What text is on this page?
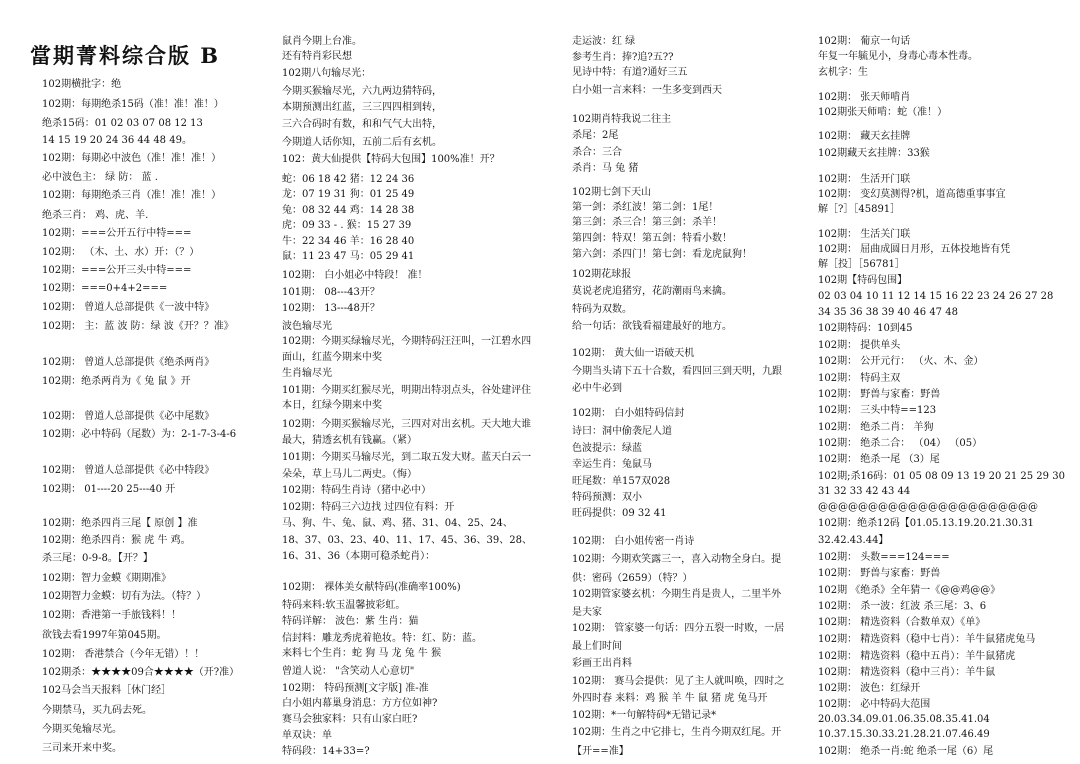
當期菁料综合版 B
102期横批字：绝
102期：每期绝杀15码（准！准！准！）
绝杀15码：01 02 03 07 08 12 13
14 15 19 20 24 36 44 48 49。
102期：每期必中波色（准！准！准！）
必中波色主： 绿 防： 蓝 .
102期：每期绝杀三肖（准！准！准！）
绝杀三肖： 鸡、虎、羊.
102期：===公开五行中特===
102期： （木、土、水）开：（？）
102期：===公开三头中特===
102期：===0+4+2===
102期： 曾道人总部提供《一波中特》
102期： 主：蓝 波 防：绿 波《开？？准》
102期： 曾道人总部提供《绝杀两肖》
102期：绝杀两肖为《 兔 鼠 》开
102期： 曾道人总部提供《必中尾数》
102期：必中特码（尾数）为：2-1-7-3-4-6
102期： 曾道人总部提供《必中特段》
102期： 01----20 25---40 开
102期：绝杀四肖三尾【 原创 】准
102期：绝杀四肖：猴 虎 牛 鸡。
杀三尾：0-9-8。【开？】
102期：智力金蟆《期期准》
102期智力金蟆：切有为法。（特？）
102期：香港第一手旅钱料！！
欲钱去看1997年第045期。
102期： 香港禁合（今年无错）！！
102期杀：★★★★09合★★★★（开?准）
102马会当天报料［休门经］
今期禁马，买九码去死。
今期买兔输尽光。
三司来开来中奖。
鼠肖今期上台准。
还有特肖彩民想
102期八句输尽光：
今期买猴输尽光，六九两边猜特码，
本期预测出红蓝，三三四四相到转，
三六合码时有数，和和气气大出特，
今期道人话你知，五前二后有玄机。
102：黄大仙提供【特码大包围】100%准！开？
蛇：06 18 42 猪：12 24 36
龙：07 19 31 狗：01 25 49
兔：08 32 44 鸡：14 28 38
虎：09 33 - . 猴：15 27 39
牛：22 34 46 羊：16 28 40
鼠：11 23 47 马：05 29 41
102期： 白小姐必中特段！ 准！
101期： 08---43开？
102期： 13---48开？
波色输尽光
102期：今期买绿输尽光，今期特码汪汪叫，一江碧水四
面山，红蓝今期来中奖
生肖输尽光
101期：今期买红猴尽光，明期出特羽点头，谷处建评住
本日，红绿今期来中奖
102期：今期买猴输尽光，三四对对出玄机。天大地大谁
最大，猜透玄机有钱赢。（紧）
101期：今期买马输尽光，到二取五发大财。蓝天白云一
朵朵，草上马儿二两史。（悔）
102期：特码生肖诗（猪中必中）
102期：特码三六边找 过四位有料：开
马、狗、牛、兔、鼠、鸡、猪、31、04、25、24、
18、37、03、23、40、11、17、45、36、39、28、
16、31、36（本期可稳杀蛇肖）：
102期： 裸体美女献特码(准确率100%)
特码来料:软玉温馨披彩虹。
特码详解： 波色：紫 生肖：猫
信封料：雕龙秀虎着艳妆。特：红、防：蓝。
来料七个生肖：蛇 狗 马 龙 兔 牛 猴
曾道人说： "含笑动人心意切"
102期： 特码预测[文字版] 准-准
白小姐内幕巢身消息：方方位如神?
赛马会独家料：只有山家白旺?
单双诀：单
特码段：14+33=?
走运波：红 绿
参考生肖：捧?追?五??
见诗中特：有道?通好三五
白小姐一言来料：一生多变到西天
102期肖特我说二往主
杀尾：2尾
杀合：三合
杀肖：马 兔 猪
102期七剑下天山
第一剑：杀红波！第二剑：1尾！
第三剑：杀三合！第三剑：杀羊！
第四剑：特双！第五剑：特看小数！
第六剑：杀四门！第七剑：看龙虎鼠狗！
102期花球报
莫说老虎追猪穷，花韵潮雨鸟来擒。
特码为双数。
给一句话：欲钱看福建最好的地方。
102期： 黄大仙一语破天机
今期当头请下五十合数，看四回三到天明，九跟
必中牛必到
102期： 白小姐特码信封
诗曰：洞中偷袭尼人道
色波提示：绿蓝
幸运生肖：兔鼠马
旺尾数：单157双028
特码预测：双小
旺码提供：09 32 41
102期： 白小姐传密一肖诗
102期：今期欢笑露三一，喜入动物全身白。提
供：密码（2659）（特？）
102期管家婆玄机：今期生肖是贵人，二里半外
是夫家
102期： 管家婆一句话：四分五裂一时败，一居
最上们时间
彩画王出肖料
102期： 赛马会提供：见了主人就叫唤，四时之
外四时春 来料：鸡 猴 羊 牛 鼠 猪 虎 兔马开
102期：*一句解特码*无错记录*
102期：生肖之中它排七，生肖今期双红尾。开
【开==准】
102期： 葡京一句话
年复一年毓见小，身毒心毒本性毒。
玄机字：生
102期： 张天师啃肖
102期张天师啃：蛇（准！）
102期： 藏天玄挂牌
102期藏天玄挂牌：33猴
102期： 生活开门联
102期： 变幻莫测得?机，道高德重事事宜
解［?］［45891］
102期： 生活关门联
102期： 屈曲成圆日月形，五体投地皆有凭
解［投］［56781］
102期【特码包围】
02 03 04 10 11 12 14 15 16 22 23 24 26 27 28
34 35 36 38 39 40 46 47 48
102期特码：10到45
102期： 提供单头
102期： 公开元行： （火、木、金）
102期： 特码主双
102期： 野兽与家畜：野兽
102期： 三头中特==123
102期： 绝杀二肖： 羊狗
102期： 绝杀二合： （04） （05）
102期： 绝杀一尾 （3）尾
102期;杀16码：01 05 08 09 13 19 20 21 25 29 30
31 32 33 42 43 44
@@@@@@@@@@@@@@@@@@@@@@
102期：绝杀12码【01.05.13.19.20.21.30.31
32.42.43.44】
102期： 头数===124===
102期： 野兽与家畜：野兽
102期 《绝杀》全年猜一《@@鸡@@》
102期： 杀一波：红波 杀三尾：3、6
102期： 精选资料（合数单双）《单》
102期： 精选资料（稳中七肖）：羊牛鼠猪虎兔马
102期： 精选资料（稳中五肖）：羊牛鼠猪虎
102期： 精选资料（稳中三肖）：羊牛鼠
102期： 波色：红绿开
102期： 必中特码大范围
20.03.34.09.01.06.35.08.35.41.04
10.37.15.30.33.21.28.21.07.46.49
102期： 绝杀一肖:蛇 绝杀一尾（6）尾
